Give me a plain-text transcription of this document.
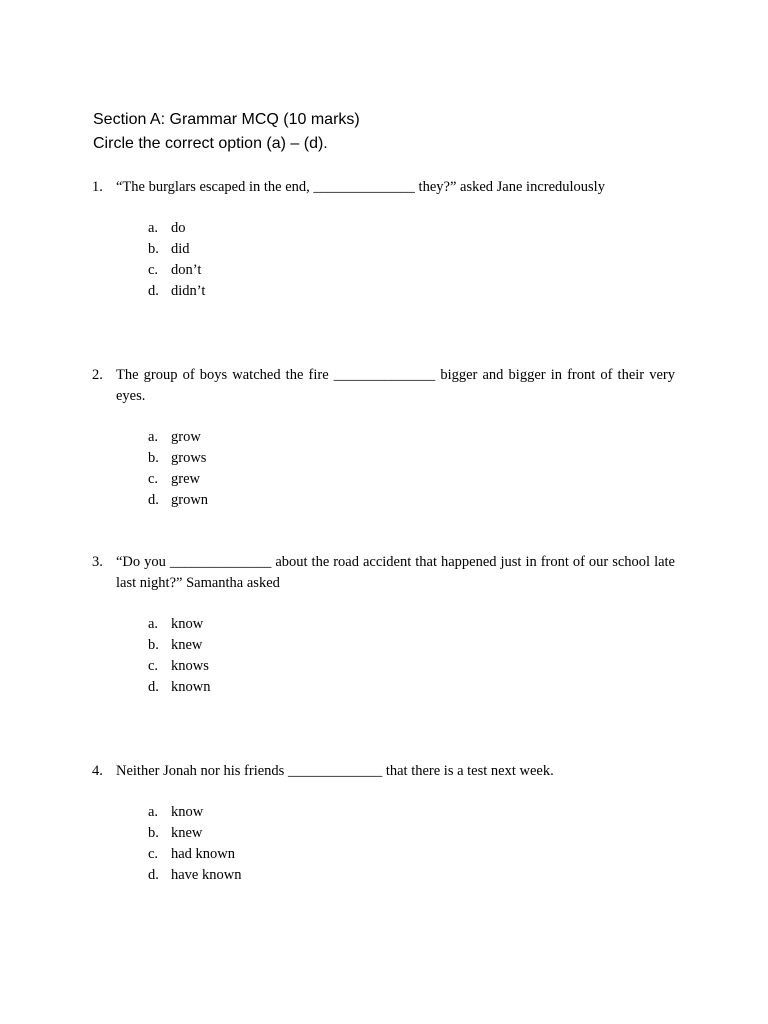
Section A: Grammar MCQ (10 marks)
Circle the correct option (a) – (d).
1. “The burglars escaped in the end, ______________ they?” asked Jane incredulously
a. do
b. did
c. don’t
d. didn’t
2. The group of boys watched the fire ______________ bigger and bigger in front of their very eyes.
a. grow
b. grows
c. grew
d. grown
3. “Do you ______________ about the road accident that happened just in front of our school late last night?” Samantha asked
a. know
b. knew
c. knows
d. known
4. Neither Jonah nor his friends _____________ that there is a test next week.
a. know
b. knew
c. had known
d. have known
